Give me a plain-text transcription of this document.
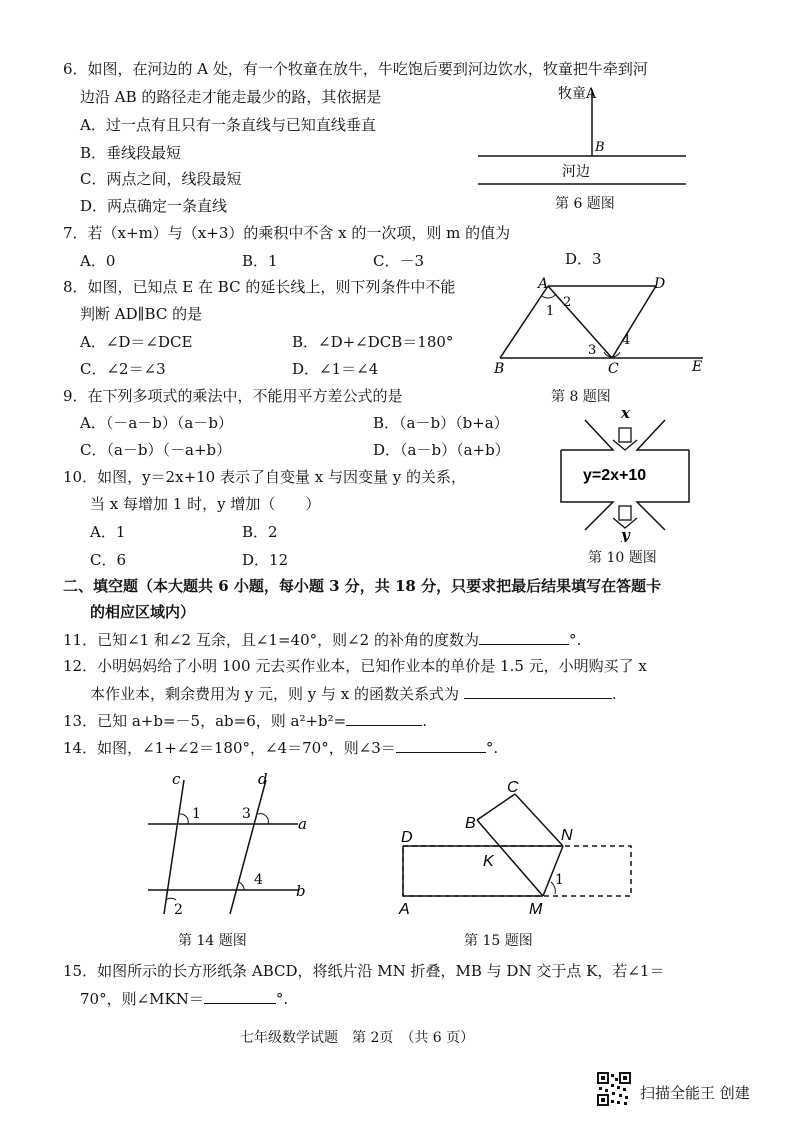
6．如图，在河边的 A 处，有一个牧童在放牛，牛吃饱后要到河边饮水，牧童把牛牵到河
边沿 AB 的路径走才能走最少的路，其依据是
A．过一点有且只有一条直线与已知直线垂直
B．垂线段最短
C．两点之间，线段最短
D．两点确定一条直线
牧童A
B
河边
第 6 题图
7．若（x+m）与（x+3）的乘积中不含 x 的一次项，则 m 的值为
A．0	B．1	C．－3	D．3
8．如图，已知点 E 在 BC 的延长线上，则下列条件中不能
判断 AD∥BC 的是
A．∠D＝∠DCE	B．∠D+∠DCB＝180°
C．∠2＝∠3	D．∠1＝∠4
A	D
B	C	E
1
2
3
4
第 8 题图
9．在下列多项式的乘法中，不能用平方差公式的是
A．（－a－b）（a－b）	B．（a－b）（b+a）
C．（a－b）（－a+b）	D．（a－b）（a+b）
10．如图，y＝2x+10 表示了自变量 x 与因变量 y 的关系，
当 x 每增加 1 时，y 增加（　　）
A．1	B．2
C．6	D．12
x
y=2x+10
y
第 10 题图
二、填空题（本大题共 6 小题，每小题 3 分，共 18 分，只要求把最后结果填写在答题卡
的相应区域内）
11．已知∠1 和∠2 互余，且∠1=40°，则∠2 的补角的度数为	°.
12．小明妈妈给了小明 100 元去买作业本，已知作业本的单价是 1.5 元，小明购买了 x
本作业本，剩余费用为 y 元，则 y 与 x 的函数关系式为	.
13．已知 a+b=－5，ab=6，则 a²+b²=	.
14．如图，∠1+∠2＝180°，∠4＝70°，则∠3＝	°.
c	d
a
b
1	3
4
2
第 14 题图
C
B
D	N
K
1
A	M
第 15 题图
15．如图所示的长方形纸条 ABCD，将纸片沿 MN 折叠，MB 与 DN 交于点 K，若∠1＝
70°，则∠MKN＝	°.
七年级数学试题　第 2页　（共 6 页）
扫描全能王 创建
